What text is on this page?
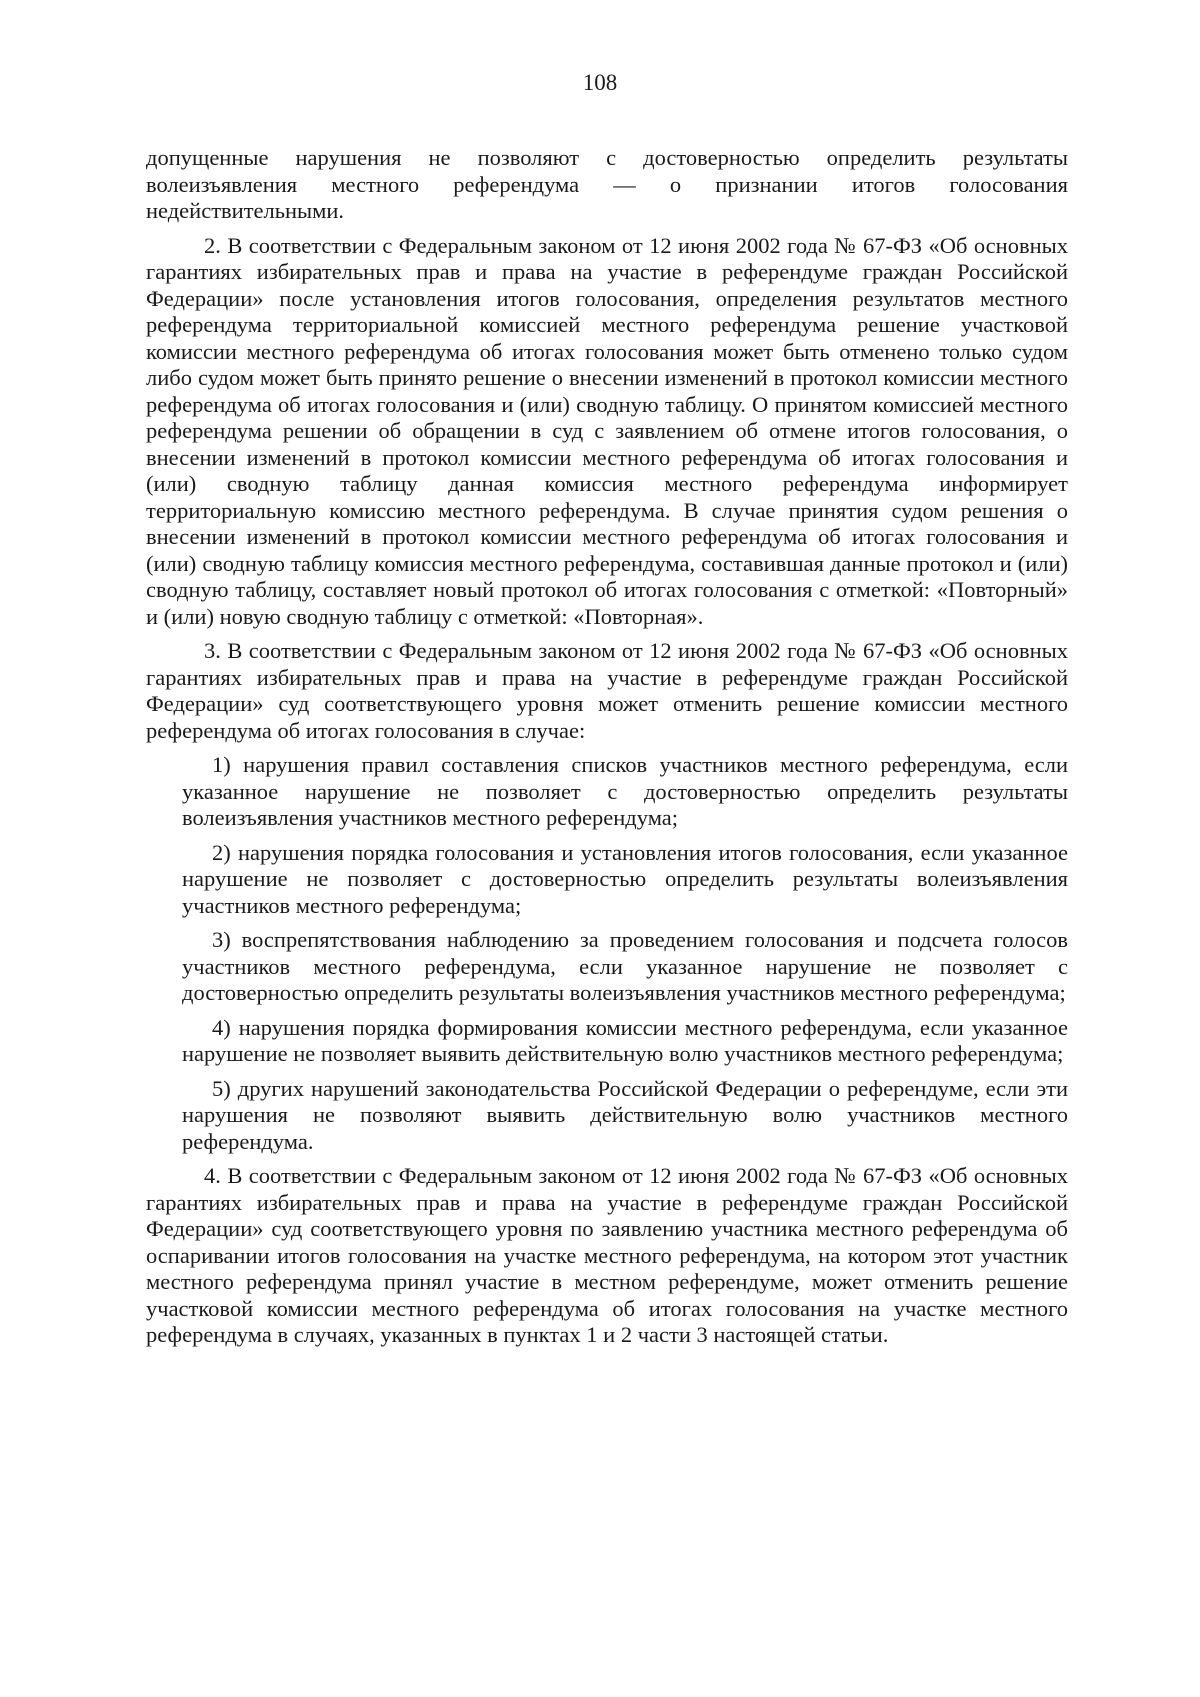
108

допущенные нарушения не позволяют с достоверностью определить результаты волеизъявления местного референдума — о признании итогов голосования недействительными.

2. В соответствии с Федеральным законом от 12 июня 2002 года № 67-ФЗ «Об основных гарантиях избирательных прав и права на участие в референдуме граждан Российской Федерации» после установления итогов голосования, определения результатов местного референдума территориальной комиссией местного референдума решение участковой комиссии местного референдума об итогах голосования может быть отменено только судом либо судом может быть принято решение о внесении изменений в протокол комиссии местного референдума об итогах голосования и (или) сводную таблицу. О принятом комиссией местного референдума решении об обращении в суд с заявлением об отмене итогов голосования, о внесении изменений в протокол комиссии местного референдума об итогах голосования и (или) сводную таблицу данная комиссия местного референдума информирует территориальную комиссию местного референдума. В случае принятия судом решения о внесении изменений в протокол комиссии местного референдума об итогах голосования и (или) сводную таблицу комиссия местного референдума, составившая данные протокол и (или) сводную таблицу, составляет новый протокол об итогах голосования с отметкой: «Повторный» и (или) новую сводную таблицу с отметкой: «Повторная».

3. В соответствии с Федеральным законом от 12 июня 2002 года № 67-ФЗ «Об основных гарантиях избирательных прав и права на участие в референдуме граждан Российской Федерации» суд соответствующего уровня может отменить решение комиссии местного референдума об итогах голосования в случае:

1) нарушения правил составления списков участников местного референдума, если указанное нарушение не позволяет с достоверностью определить результаты волеизъявления участников местного референдума;

2) нарушения порядка голосования и установления итогов голосования, если указанное нарушение не позволяет с достоверностью определить результаты волеизъявления участников местного референдума;

3) воспрепятствования наблюдению за проведением голосования и подсчета голосов участников местного референдума, если указанное нарушение не позволяет с достоверностью определить результаты волеизъявления участников местного референдума;

4) нарушения порядка формирования комиссии местного референдума, если указанное нарушение не позволяет выявить действительную волю участников местного референдума;

5) других нарушений законодательства Российской Федерации о референдуме, если эти нарушения не позволяют выявить действительную волю участников местного референдума.

4. В соответствии с Федеральным законом от 12 июня 2002 года № 67-ФЗ «Об основных гарантиях избирательных прав и права на участие в референдуме граждан Российской Федерации» суд соответствующего уровня по заявлению участника местного референдума об оспаривании итогов голосования на участке местного референдума, на котором этот участник местного референдума принял участие в местном референдуме, может отменить решение участковой комиссии местного референдума об итогах голосования на участке местного референдума в случаях, указанных в пунктах 1 и 2 части 3 настоящей статьи.
